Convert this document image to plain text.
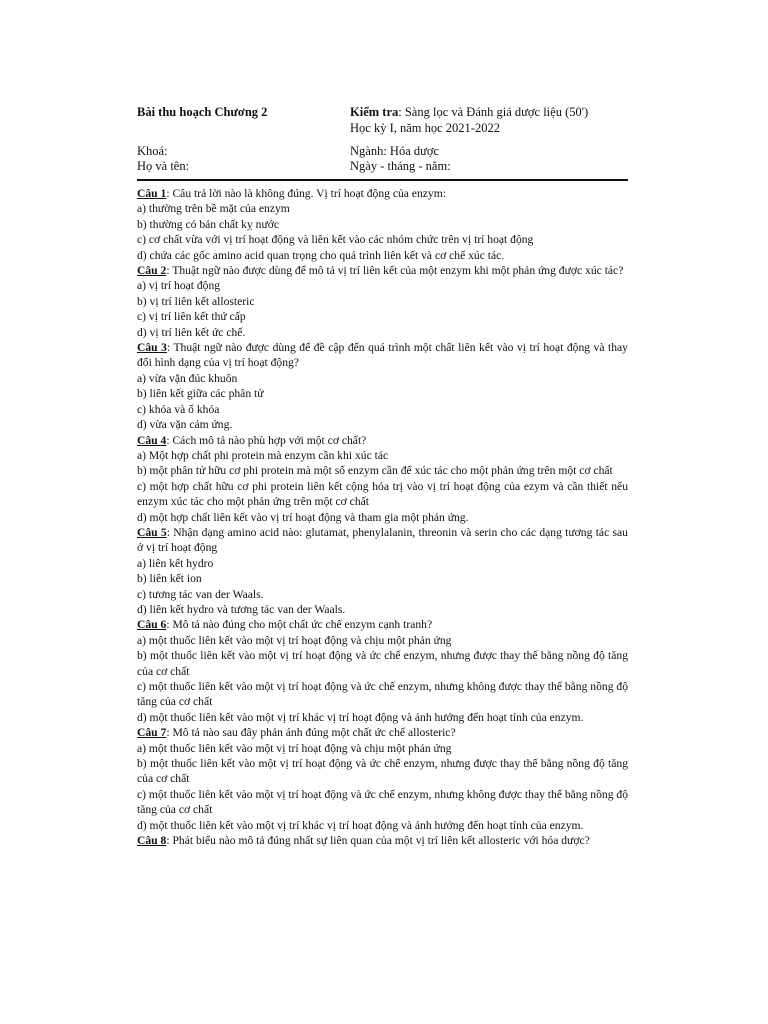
Bài thu hoạch Chương 2	Kiểm tra: Sàng lọc và Đánh giá dược liệu (50')
Học kỳ I, năm học 2021-2022
Khoá:	Ngành: Hóa dược
Họ và tên:	Ngày - tháng - năm:

Câu 1: Câu trả lời nào là không đúng. Vị trí hoạt động của enzym:

a) thường trên bề mặt của enzym

b) thường có bản chất kỵ nước

c) cơ chất vừa với vị trí hoạt động và liên kết vào các nhóm chức trên vị trí hoạt động

d) chứa các gốc amino acid quan trọng cho quá trình liên kết và cơ chế xúc tác.

Câu 2: Thuật ngữ nào được dùng để mô tả vị trí liên kết của một enzym khi một phản ứng được xúc tác?

a) vị trí hoạt động

b) vị trí liên kết allosteric

c) vị trí liên kết thứ cấp

d) vị trí liên kết ức chế.

Câu 3: Thuật ngữ nào được dùng để đề cập đến quá trình một chất liên kết vào vị trí hoạt động và thay đổi hình dạng của vị trí hoạt động?

a) vừa vặn đúc khuôn

b) liên kết giữa các phân tử

c) khóa và ổ khóa

d) vừa vặn cảm ứng.

Câu 4: Cách mô tả nào phù hợp với một cơ chất?

a) Một hợp chất phi protein mà enzym cần khi xúc tác

b) một phân tử hữu cơ phi protein mà một số enzym cần để xúc tác cho một phản ứng trên một cơ chất

c) một hợp chất hữu cơ phi protein liên kết cộng hóa trị vào vị trí hoạt động của ezym và cần thiết nếu enzym xúc tác cho một phản ứng trên một cơ chất

d) một hợp chất liên kết vào vị trí hoạt động và tham gia một phản ứng.

Câu 5: Nhận dạng amino acid nào: glutamat, phenylalanin, threonin và serin cho các dạng tương tác sau ở vị trí hoạt động

a) liên kết hydro

b) liên kết ion

c) tương tác van der Waals.

d) liên kết hydro và tương tác van der Waals.

Câu 6: Mô tả nào đúng cho một chất ức chế enzym cạnh tranh?

a) một thuốc liên kết vào một vị trí hoạt động và chịu một phản ứng

b) một thuốc liên kết vào một vị trí hoạt động và ức chế enzym, nhưng được thay thế bằng nồng độ tăng của cơ chất

c) một thuốc liên kết vào một vị trí hoạt động và ức chế enzym, nhưng không được thay thế bằng nồng độ tăng của cơ chất

d) một thuốc liên kết vào một vị trí khác vị trí hoạt động và ảnh hưởng đến hoạt tính của enzym.

Câu 7: Mô tả nào sau đây phản ánh đúng một chất ức chế allosteric?

a) một thuốc liên kết vào một vị trí hoạt động và chịu một phản ứng

b) một thuốc liên kết vào một vị trí hoạt động và ức chế enzym, nhưng được thay thế bằng nồng độ tăng của cơ chất

c) một thuốc liên kết vào một vị trí hoạt động và ức chế enzym, nhưng không được thay thế bằng nồng độ tăng của cơ chất

d) một thuốc liên kết vào một vị trí khác vị trí hoạt động và ảnh hưởng đến hoạt tính của enzym.

Câu 8: Phát biểu nào mô tả đúng nhất sự liên quan của một vị trí liên kết allosteric với hóa dược?
